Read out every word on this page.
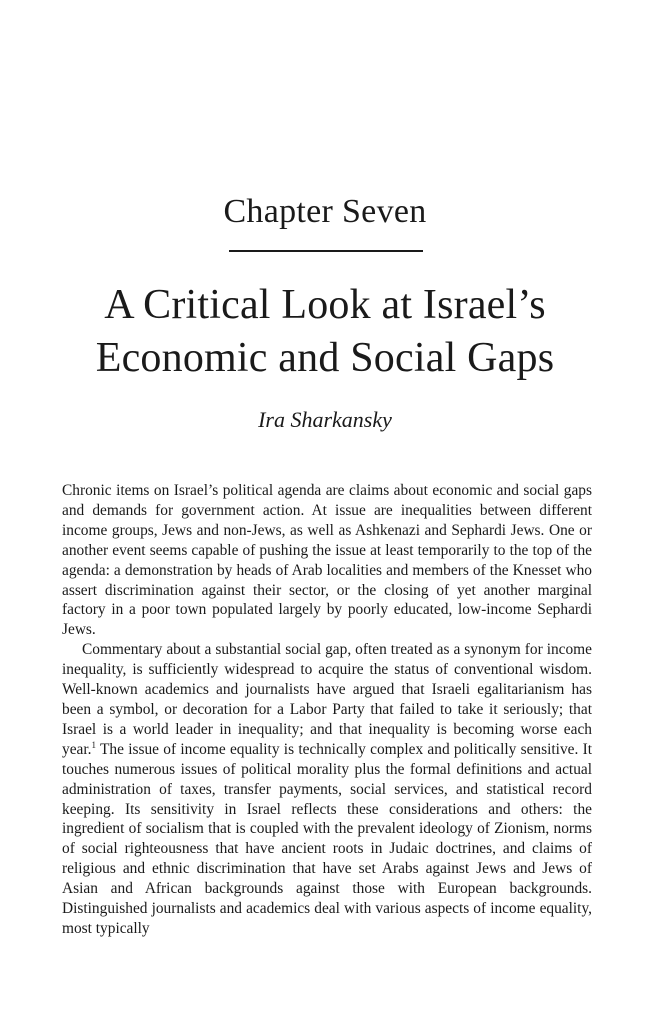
Chapter Seven
A Critical Look at Israel’s
Economic and Social Gaps
Ira Sharkansky

Chronic items on Israel’s political agenda are claims about economic and social gaps and demands for government action. At issue are inequalities between different income groups, Jews and non-Jews, as well as Ashkenazi and Sephardi Jews. One or another event seems capable of pushing the issue at least temporarily to the top of the agenda: a demonstration by heads of Arab localities and members of the Knesset who assert discrimination against their sector, or the closing of yet another marginal factory in a poor town populated largely by poorly educated, low-income Sephardi Jews.

Commentary about a substantial social gap, often treated as a synonym for income inequality, is sufficiently widespread to acquire the status of conventional wisdom. Well-known academics and journalists have argued that Israeli egalitarianism has been a symbol, or decoration for a Labor Party that failed to take it seriously; that Israel is a world leader in inequality; and that inequality is becoming worse each year.$^1$ The issue of income equality is technically complex and politically sensitive. It touches numerous issues of political morality plus the formal definitions and actual administration of taxes, transfer payments, social services, and statistical record keeping. Its sensitivity in Israel reflects these considerations and others: the ingredient of socialism that is coupled with the prevalent ideology of Zionism, norms of social righteousness that have ancient roots in Judaic doctrines, and claims of religious and ethnic discrimination that have set Arabs against Jews and Jews of Asian and African backgrounds against those with European backgrounds. Distinguished journalists and academics deal with various aspects of income equality, most typically
